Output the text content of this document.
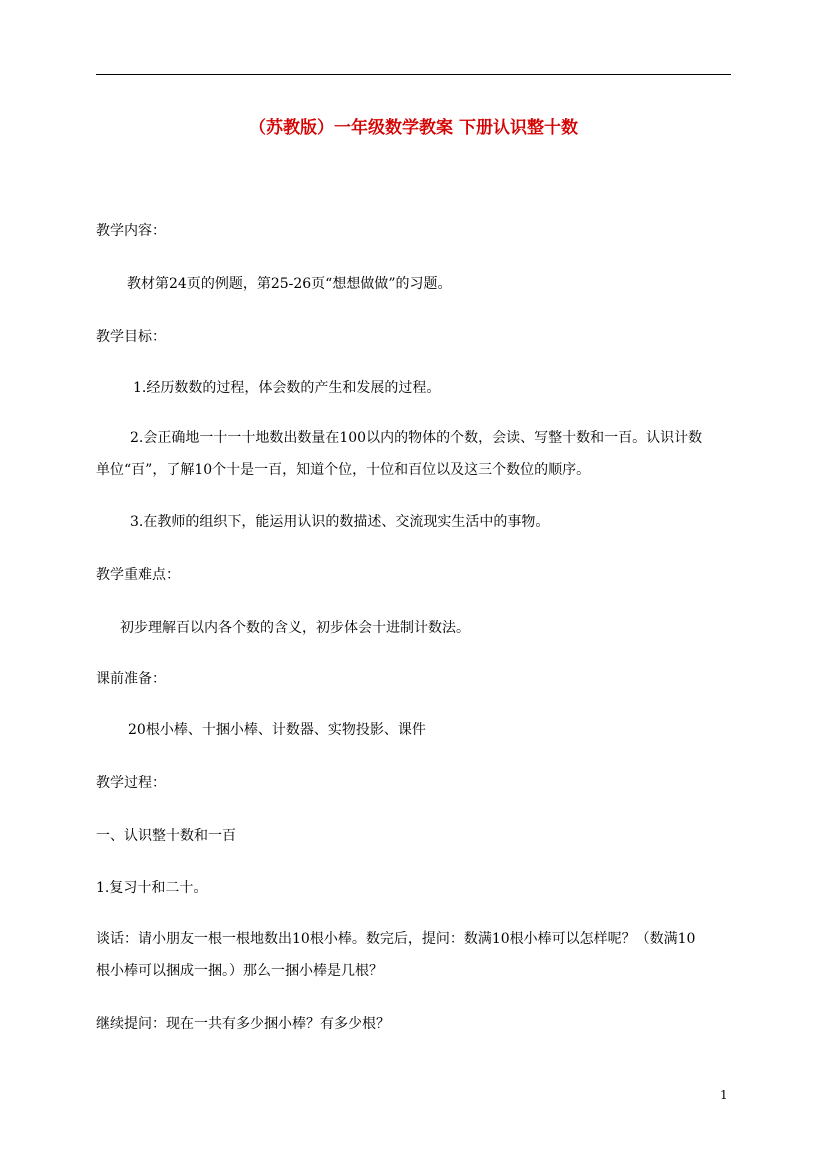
（苏教版）一年级数学教案 下册认识整十数
教学内容：
教材第24页的例题，第25-26页“想想做做”的习题。
教学目标：
1.经历数数的过程，体会数的产生和发展的过程。
2.会正确地一十一十地数出数量在100以内的物体的个数，会读、写整十数和一百。认识计数
单位“百”，了解10个十是一百，知道个位，十位和百位以及这三个数位的顺序。
3.在教师的组织下，能运用认识的数描述、交流现实生活中的事物。
教学重难点：
初步理解百以内各个数的含义，初步体会十进制计数法。
课前准备：
20根小棒、十捆小棒、计数器、实物投影、课件
教学过程：
一、认识整十数和一百
1.复习十和二十。
谈话：请小朋友一根一根地数出10根小棒。数完后，提问：数满10根小棒可以怎样呢？（数满10
根小棒可以捆成一捆。）那么一捆小棒是几根？
继续提问：现在一共有多少捆小棒？有多少根？
1
